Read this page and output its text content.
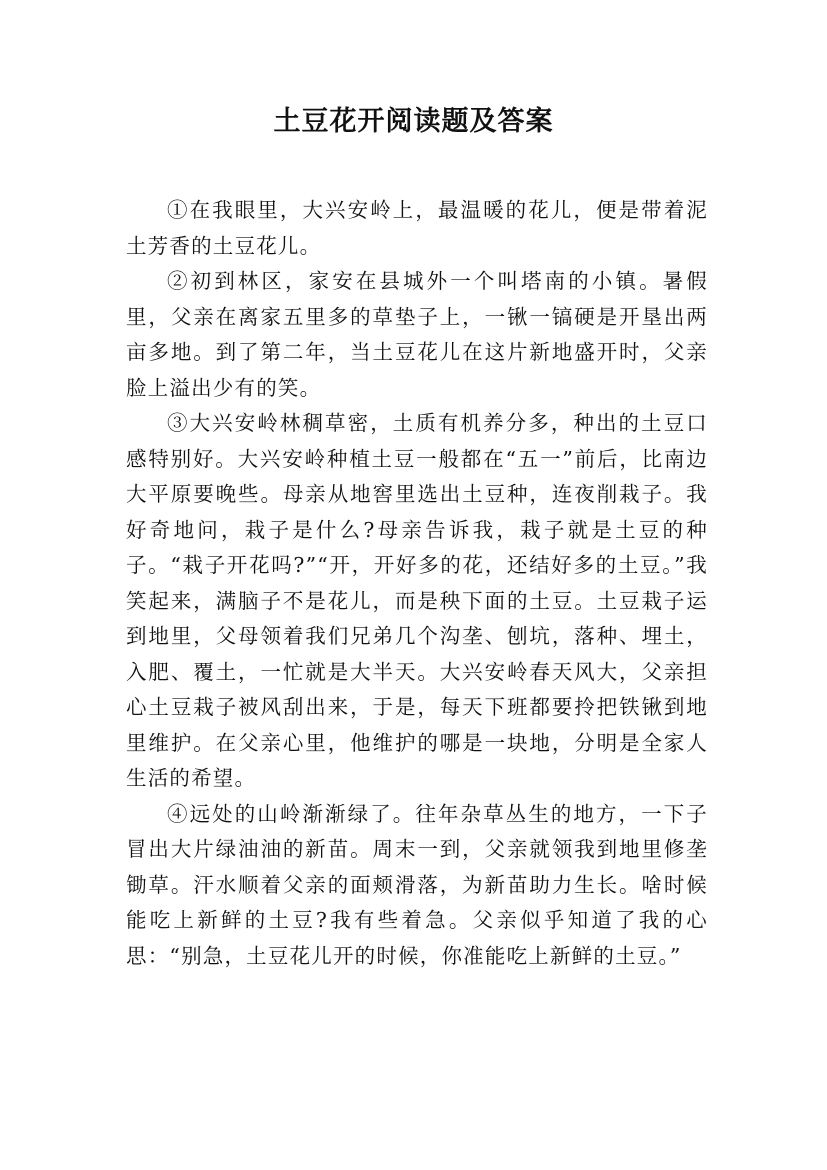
土豆花开阅读题及答案

①在我眼里，大兴安岭上，最温暖的花儿，便是带着泥土芳香的土豆花儿。

②初到林区，家安在县城外一个叫塔南的小镇。暑假里，父亲在离家五里多的草垫子上，一锹一镐硬是开垦出两亩多地。到了第二年，当土豆花儿在这片新地盛开时，父亲脸上溢出少有的笑。

③大兴安岭林稠草密，土质有机养分多，种出的土豆口感特别好。大兴安岭种植土豆一般都在“五一”前后，比南边大平原要晚些。母亲从地窖里选出土豆种，连夜削栽子。我好奇地问，栽子是什么?母亲告诉我，栽子就是土豆的种子。“栽子开花吗?”“开，开好多的花，还结好多的土豆。”我笑起来，满脑子不是花儿，而是秧下面的土豆。土豆栽子运到地里，父母领着我们兄弟几个沟垄、刨坑，落种、埋土，入肥、覆土，一忙就是大半天。大兴安岭春天风大，父亲担心土豆栽子被风刮出来，于是，每天下班都要拎把铁锹到地里维护。在父亲心里，他维护的哪是一块地，分明是全家人生活的希望。

④远处的山岭渐渐绿了。往年杂草丛生的地方，一下子冒出大片绿油油的新苗。周末一到，父亲就领我到地里修垄锄草。汗水顺着父亲的面颊滑落，为新苗助力生长。啥时候能吃上新鲜的土豆?我有些着急。父亲似乎知道了我的心思：“别急，土豆花儿开的时候，你准能吃上新鲜的土豆。”
